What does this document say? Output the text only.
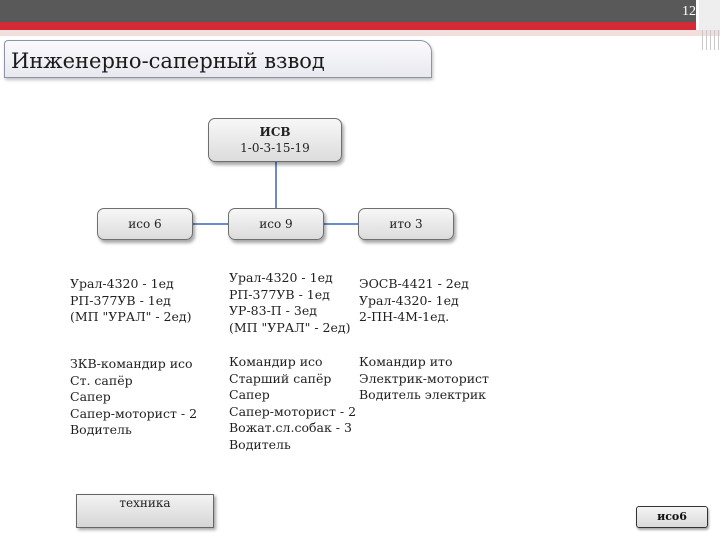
12
Инженерно-саперный взвод
ИСВ
1-0-3-15-19
исо 6	исо 9	ито 3
Урал-4320 - 1ед
РП-377УВ - 1ед
(МП "УРАЛ" - 2ед)
Урал-4320 - 1ед
РП-377УВ - 1ед
УР-83-П - 3ед
(МП "УРАЛ" - 2ед)
ЭОСВ-4421 - 2ед
Урал-4320- 1ед
2-ПН-4М-1ед.
ЗКВ-командир исо
Ст. сапёр
Сапер
Сапер-моторист - 2
Водитель
Командир исо
Старший сапёр
Сапер
Сапер-моторист - 2
Вожат.сл.собак - 3
Водитель
Командир ито
Электрик-моторист
Водитель электрик
техника
исо6
